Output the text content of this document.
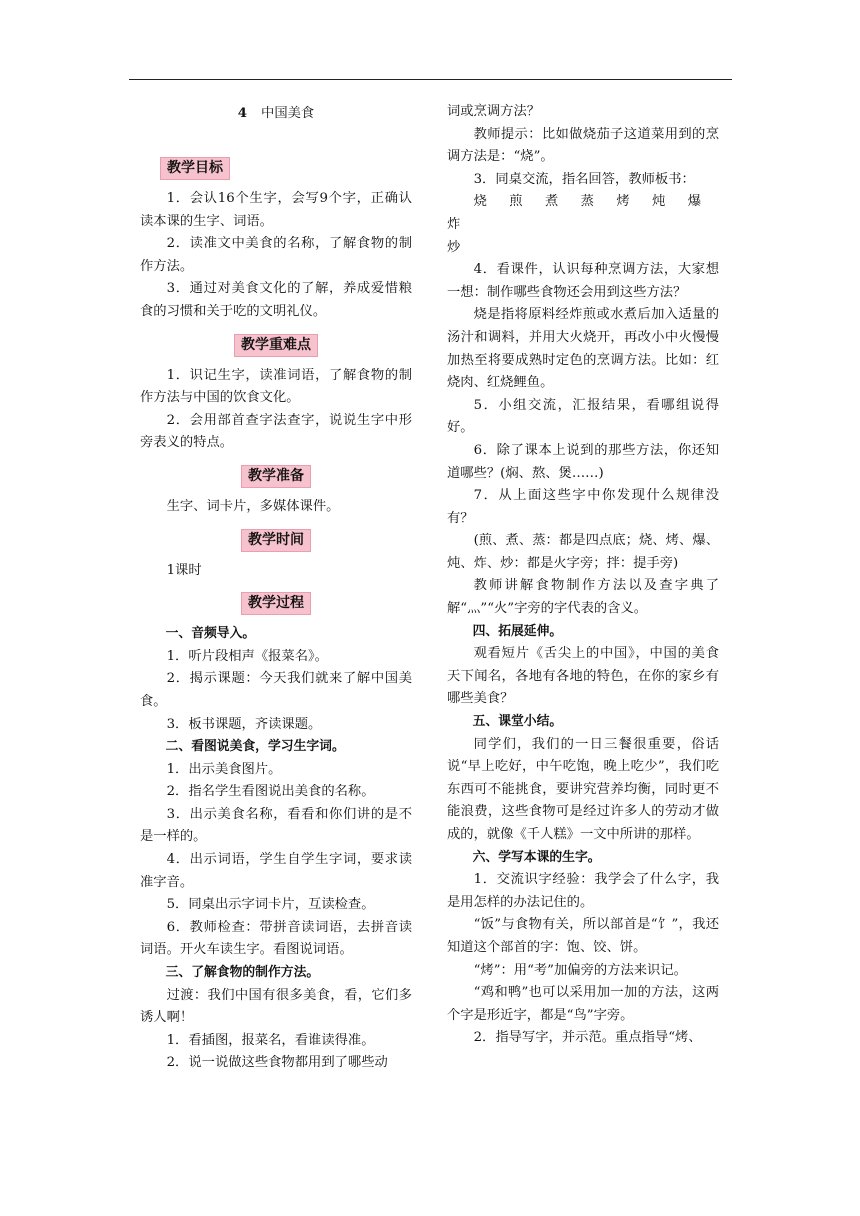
4 中国美食
教学目标

1．会认16个生字，会写9个字，正确认读本课的生字、词语。

2．读准文中美食的名称，了解食物的制作方法。

3．通过对美食文化的了解，养成爱惜粮食的习惯和关于吃的文明礼仪。

教学重难点

1．识记生字，读准词语，了解食物的制作方法与中国的饮食文化。

2．会用部首查字法查字，说说生字中形旁表义的特点。

教学准备

生字、词卡片，多媒体课件。

教学时间

1课时

教学过程

一、音频导入。

1．听片段相声《报菜名》。

2．揭示课题：今天我们就来了解中国美食。

3．板书课题，齐读课题。

二、看图说美食，学习生字词。

1．出示美食图片。

2．指名学生看图说出美食的名称。

3．出示美食名称，看看和你们讲的是不是一样的。

4．出示词语，学生自学生字词，要求读准字音。

5．同桌出示字词卡片，互读检查。

6．教师检查：带拼音读词语，去拼音读词语。开火车读生字。看图说词语。

三、了解食物的制作方法。

过渡：我们中国有很多美食，看，它们多诱人啊！

1．看插图，报菜名，看谁读得准。

2．说一说做这些食物都用到了哪些动

词或烹调方法？

教师提示：比如做烧茄子这道菜用到的烹调方法是：“烧”。

3．同桌交流，指名回答，教师板书：

烧煎煮蒸烤炖爆炸

炒

4．看课件，认识每种烹调方法，大家想一想：制作哪些食物还会用到这些方法？

烧是指将原料经炸煎或水煮后加入适量的汤汁和调料，并用大火烧开，再改小中火慢慢加热至将要成熟时定色的烹调方法。比如：红烧肉、红烧鲤鱼。

5．小组交流，汇报结果，看哪组说得好。

6．除了课本上说到的那些方法，你还知道哪些？(焖、熬、煲……)

7．从上面这些字中你发现什么规律没有？

(煎、煮、蒸：都是四点底；烧、烤、爆、炖、炸、炒：都是火字旁；拌：提手旁)

教师讲解食物制作方法以及查字典了解“灬”“火”字旁的字代表的含义。

四、拓展延伸。

观看短片《舌尖上的中国》，中国的美食天下闻名，各地有各地的特色，在你的家乡有哪些美食？

五、课堂小结。

同学们，我们的一日三餐很重要，俗话说“早上吃好，中午吃饱，晚上吃少”，我们吃东西可不能挑食，要讲究营养均衡，同时更不能浪费，这些食物可是经过许多人的劳动才做成的，就像《千人糕》一文中所讲的那样。

六、学写本课的生字。

1．交流识字经验：我学会了什么字，我是用怎样的办法记住的。

“饭”与食物有关，所以部首是“饣”，我还知道这个部首的字：饱、饺、饼。

“烤”：用“考”加偏旁的方法来识记。

“鸡和鸭”也可以采用加一加的方法，这两个字是形近字，都是“鸟”字旁。

2．指导写字，并示范。重点指导“烤、
